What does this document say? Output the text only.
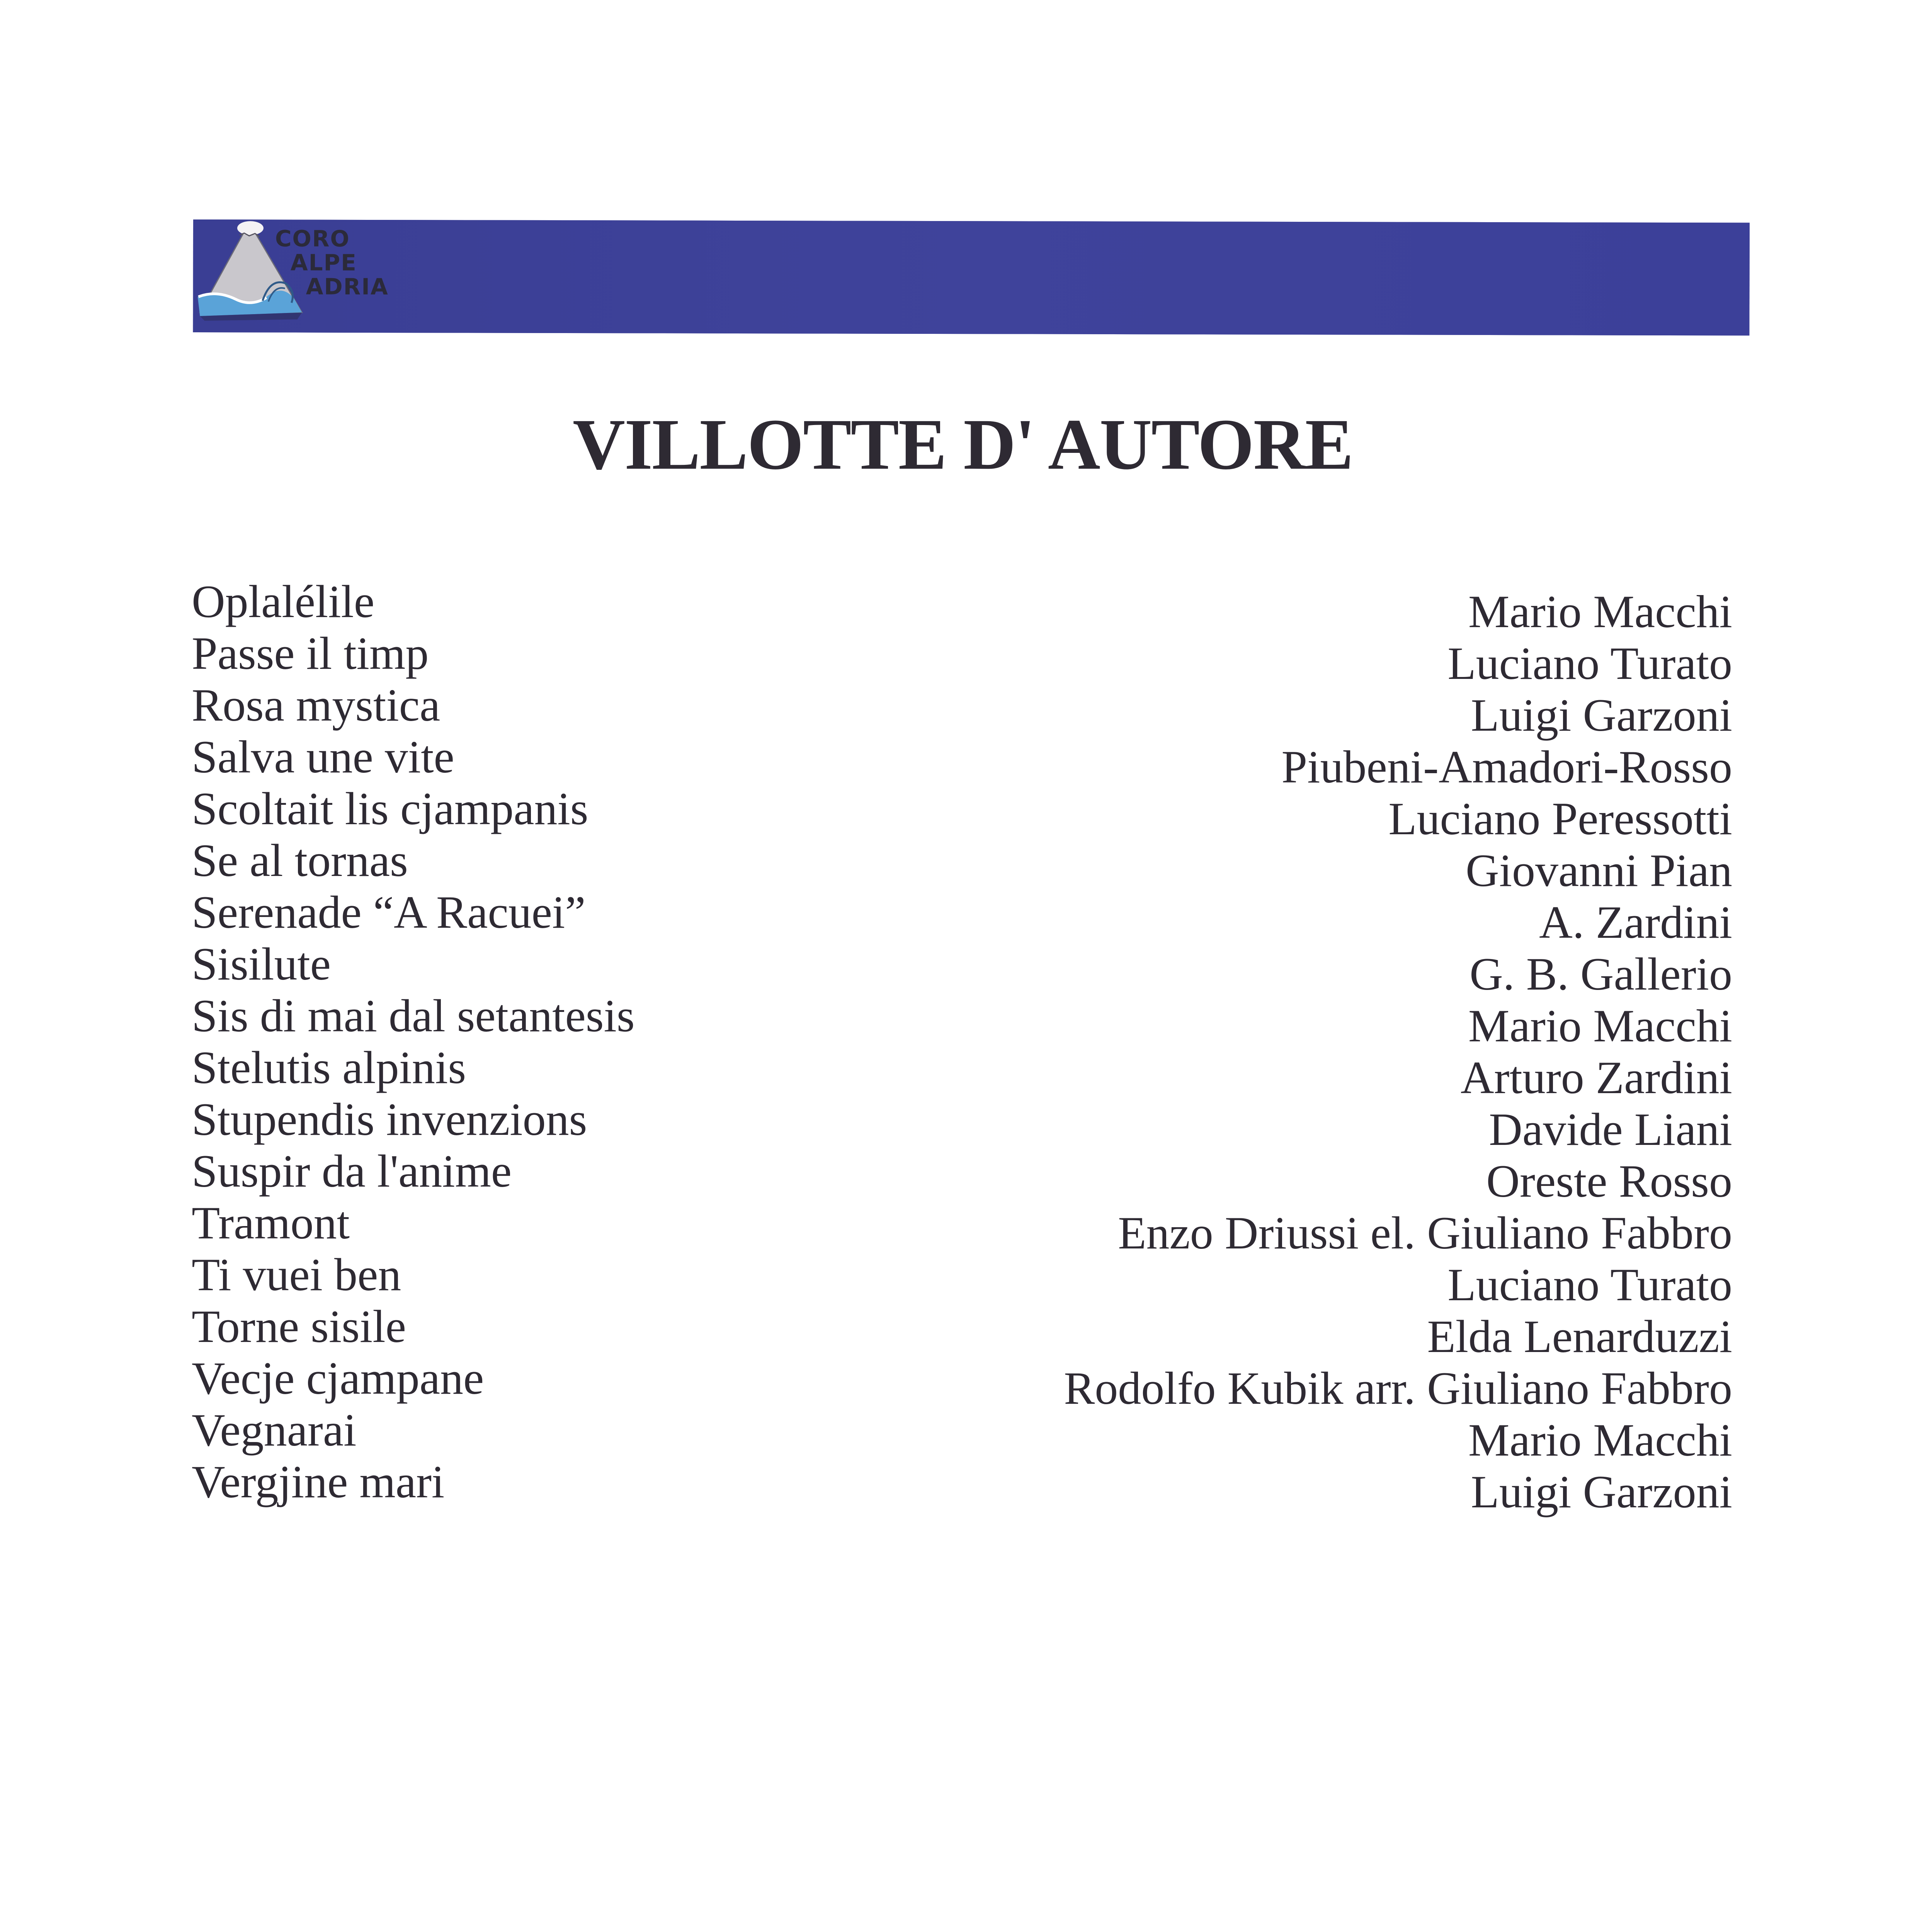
CORO
ALPE
ADRIA
VILLOTTE D' AUTORE
Oplalélile
Passe il timp
Rosa mystica
Salva une vite
Scoltait lis cjampanis
Se al tornas
Serenade “A Racuei”
Sisilute
Sis di mai dal setantesis
Stelutis alpinis
Stupendis invenzions
Suspir da l'anime
Tramont
Ti vuei ben
Torne sisile
Vecje cjampane
Vegnarai
Vergjine mari
Mario Macchi
Luciano Turato
Luigi Garzoni
Piubeni-Amadori-Rosso
Luciano Peressotti
Giovanni Pian
A. Zardini
G. B. Gallerio
Mario Macchi
Arturo Zardini
Davide Liani
Oreste Rosso
Enzo Driussi el. Giuliano Fabbro
Luciano Turato
Elda Lenarduzzi
Rodolfo Kubik arr. Giuliano Fabbro
Mario Macchi
Luigi Garzoni
